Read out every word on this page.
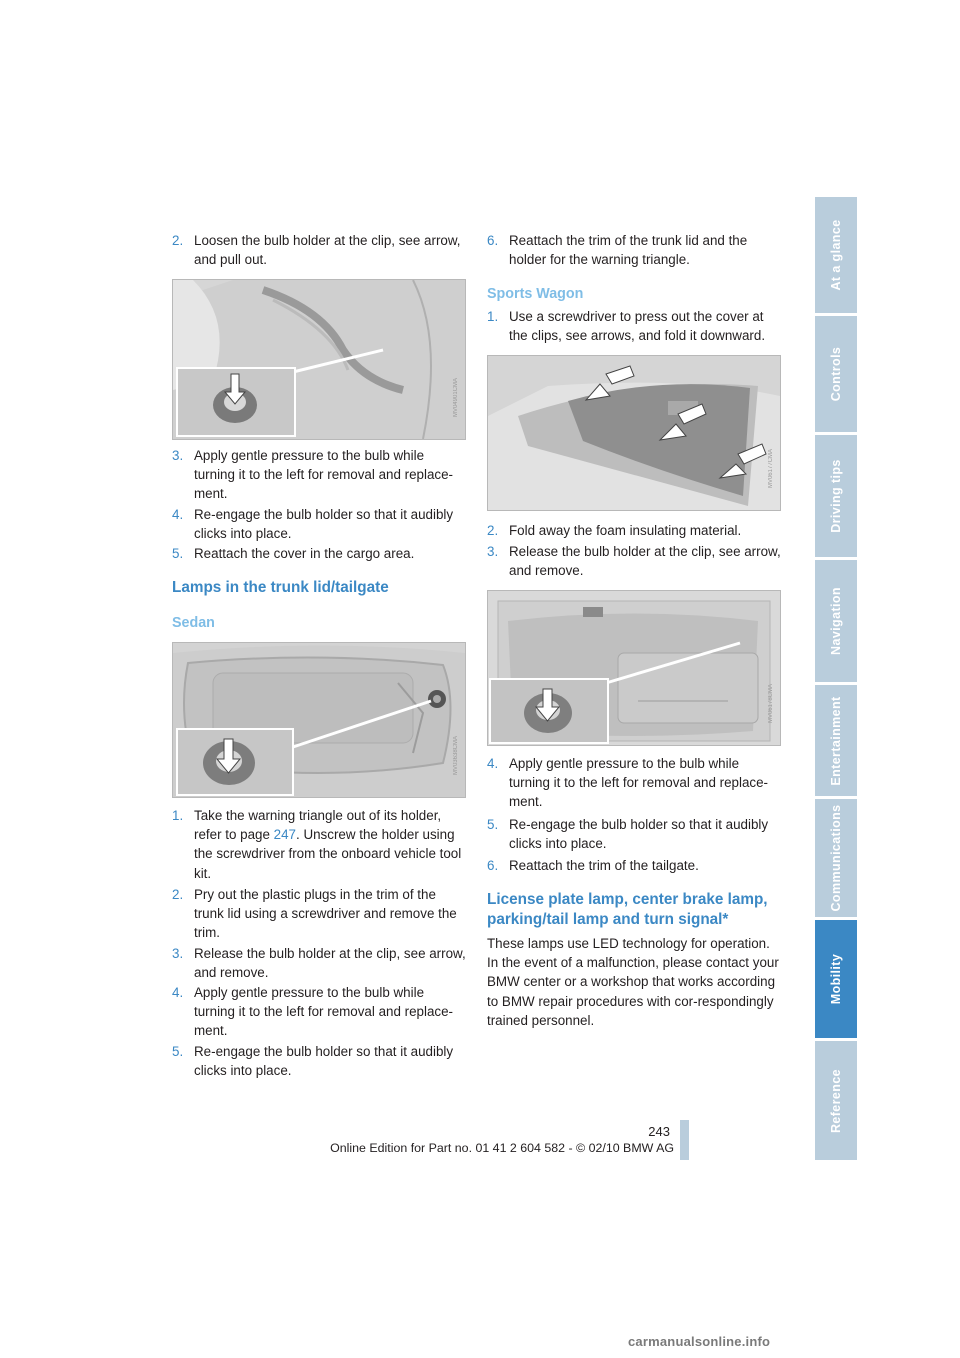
2. Loosen the bulb holder at the clip, see arrow, and pull out.
MV04901CMA
3. Apply gentle pressure to the bulb while turning it to the left for removal and replace-ment.
4. Re-engage the bulb holder so that it audibly clicks into place.
5. Reattach the cover in the cargo area.
Lamps in the trunk lid/tailgate
Sedan
MV03638CMA
1. Take the warning triangle out of its holder, refer to page 247. Unscrew the holder using the screwdriver from the onboard vehicle tool kit.
2. Pry out the plastic plugs in the trim of the trunk lid using a screwdriver and remove the trim.
3. Release the bulb holder at the clip, see arrow, and remove.
4. Apply gentle pressure to the bulb while turning it to the left for removal and replace-ment.
5. Re-engage the bulb holder so that it audibly clicks into place.
6. Reattach the trim of the trunk lid and the holder for the warning triangle.
Sports Wagon
1. Use a screwdriver to press out the cover at the clips, see arrows, and fold it downward.
MV06177CMA
2. Fold away the foam insulating material.
3. Release the bulb holder at the clip, see arrow, and remove.
MV06178CMA
4. Apply gentle pressure to the bulb while turning it to the left for removal and replace-ment.
5. Re-engage the bulb holder so that it audibly clicks into place.
6. Reattach the trim of the tailgate.
License plate lamp, center brake lamp, parking/tail lamp and turn signal*
These lamps use LED technology for operation. In the event of a malfunction, please contact your BMW center or a workshop that works according to BMW repair procedures with cor-respondingly trained personnel.
At a glance
Controls
Driving tips
Navigation
Entertainment
Communications
Mobility
Reference
243
Online Edition for Part no. 01 41 2 604 582 - © 02/10 BMW AG
carmanualsonline.info
